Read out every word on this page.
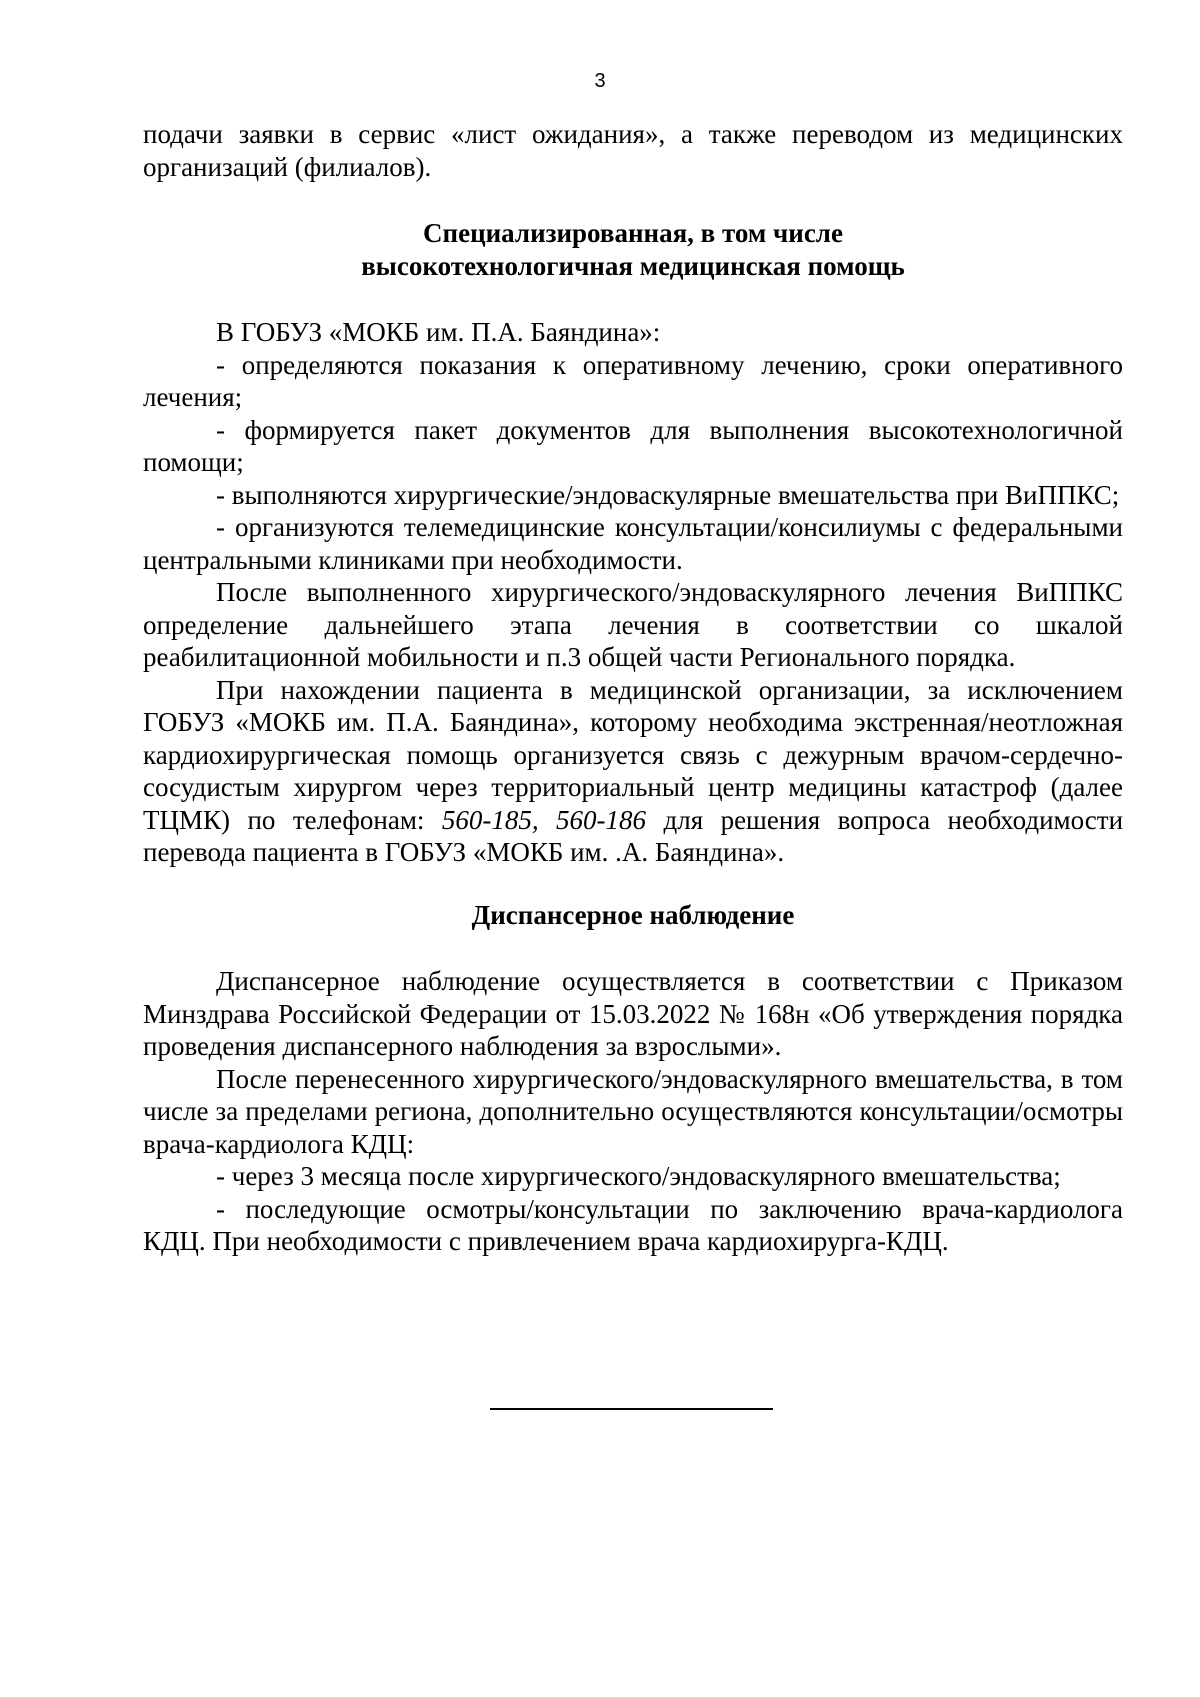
3

подачи заявки в сервис «лист ожидания», а также переводом из медицинских организаций (филиалов).

Специализированная, в том числе
высокотехнологичная медицинская помощь

В ГОБУЗ «МОКБ им. П.А. Баяндина»:

- определяются показания к оперативному лечению, сроки оперативного лечения;

- формируется пакет документов для выполнения высокотехнологичной помощи;

- выполняются хирургические/эндоваскулярные вмешательства при ВиППКС;

- организуются телемедицинские консультации/консилиумы с федеральными центральными клиниками при необходимости.

После выполненного хирургического/эндоваскулярного лечения ВиППКС определение дальнейшего этапа лечения в соответствии со шкалой реабилитационной мобильности и п.3 общей части Регионального порядка.

При нахождении пациента в медицинской организации, за исключением ГОБУЗ «МОКБ им. П.А. Баяндина», которому необходима экстренная/неотложная кардиохирургическая помощь организуется связь с дежурным врачом-сердечно-сосудистым хирургом через территориальный центр медицины катастроф (далее ТЦМК) по телефонам: 560-185, 560-186 для решения вопроса необходимости перевода пациента в ГОБУЗ «МОКБ им. .А. Баяндина».

Диспансерное наблюдение

Диспансерное наблюдение осуществляется в соответствии с Приказом Минздрава Российской Федерации от 15.03.2022 № 168н «Об утверждения порядка проведения диспансерного наблюдения за взрослыми».

После перенесенного хирургического/эндоваскулярного вмешательства, в том числе за пределами региона, дополнительно осуществляются консультации/осмотры врача-кардиолога КДЦ:

- через 3 месяца после хирургического/эндоваскулярного вмешательства;

- последующие осмотры/консультации по заключению врача-кардиолога КДЦ. При необходимости с привлечением врача кардиохирурга-КДЦ.
